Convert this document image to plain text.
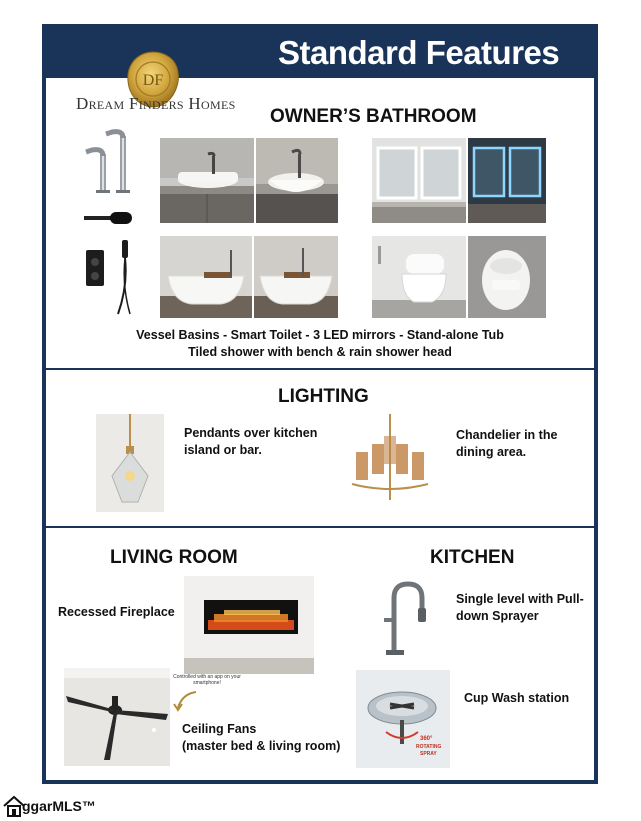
Standard Features
DF
Dream Finders Homes
OWNER’S BATHROOM
Vessel Basins - Smart Toilet - 3 LED mirrors - Stand-alone Tub
Tiled shower with bench & rain shower head
LIGHTING
Pendants over kitchen island or bar.
Chandelier in the dining area.
LIVING ROOM
Recessed Fireplace
Controlled with an app on your smartphone!
Ceiling Fans
(master bed & living room)
KITCHEN
Single level with Pull-down Sprayer
360°
ROTATING
SPRAY
Cup Wash station
ggarMLS™
